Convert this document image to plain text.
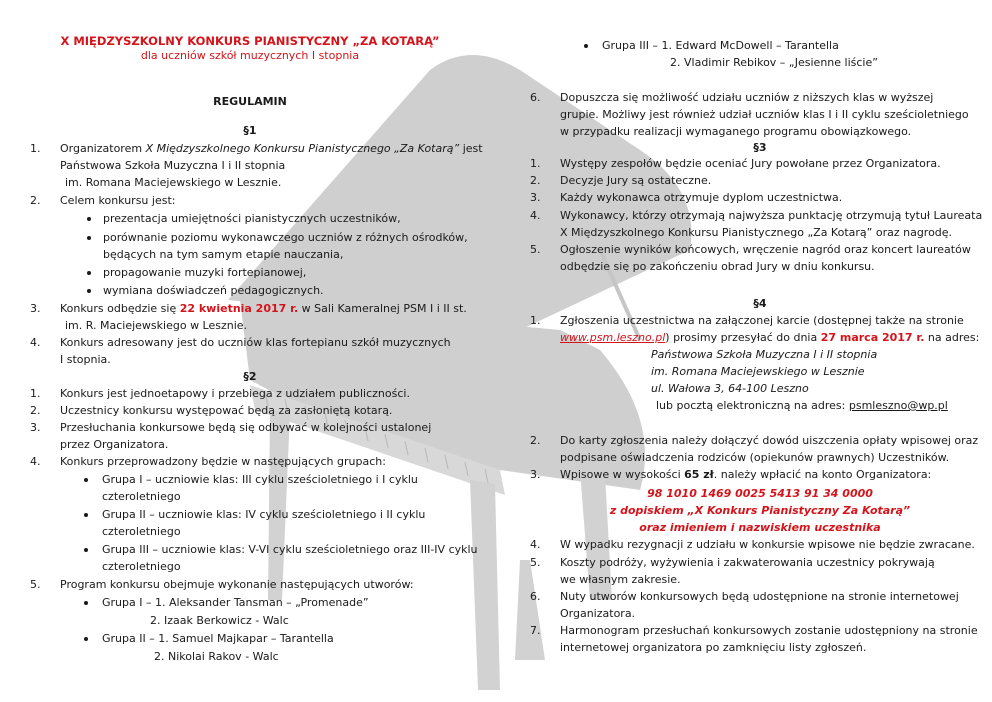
X MIĘDZYSZKOLNY KONKURS PIANISTYCZNY „ZA KOTARĄ”
dla uczniów szkół muzycznych I stopnia
REGULAMIN
§1
1. Organizatorem X Międzyszkolnego Konkursu Pianistycznego „Za Kotarą” jest
Państwowa Szkoła Muzyczna I i II stopnia
im. Romana Maciejewskiego w Lesznie.
2. Celem konkursu jest:
prezentacja umiejętności pianistycznych uczestników,
porównanie poziomu wykonawczego uczniów z różnych ośrodków,
będących na tym samym etapie nauczania,
propagowanie muzyki fortepianowej,
wymiana doświadczeń pedagogicznych.
3. Konkurs odbędzie się 22 kwietnia 2017 r. w Sali Kameralnej PSM I i II st.
im. R. Maciejewskiego w Lesznie.
4. Konkurs adresowany jest do uczniów klas fortepianu szkół muzycznych
I stopnia.
§2
1. Konkurs jest jednoetapowy i przebiega z udziałem publiczności.
2. Uczestnicy konkursu występować będą za zasłoniętą kotarą.
3. Przesłuchania konkursowe będą się odbywać w kolejności ustalonej
przez Organizatora.
4. Konkurs przeprowadzony będzie w następujących grupach:
Grupa I – uczniowie klas: III cyklu sześcioletniego i I cyklu
czteroletniego
Grupa II – uczniowie klas: IV cyklu sześcioletniego i II cyklu
czteroletniego
Grupa III – uczniowie klas: V-VI cyklu sześcioletniego oraz III-IV cyklu
czteroletniego
5. Program konkursu obejmuje wykonanie następujących utworów:
Grupa I – 1. Aleksander Tansman – „Promenade”
2. Izaak Berkowicz - Walc
Grupa II – 1. Samuel Majkapar – Tarantella
2. Nikolai Rakov - Walc
Grupa III – 1. Edward McDowell – Tarantella
2. Vladimir Rebikov – „Jesienne liście”
6. Dopuszcza się możliwość udziału uczniów z niższych klas w wyższej
grupie. Możliwy jest również udział uczniów klas I i II cyklu sześcioletniego
w przypadku realizacji wymaganego programu obowiązkowego.
§3
1. Występy zespołów będzie oceniać Jury powołane przez Organizatora.
2. Decyzje Jury są ostateczne.
3. Każdy wykonawca otrzymuje dyplom uczestnictwa.
4. Wykonawcy, którzy otrzymają najwyższa punktację otrzymują tytuł Laureata
X Międzyszkolnego Konkursu Pianistycznego „Za Kotarą” oraz nagrodę.
5. Ogłoszenie wyników końcowych, wręczenie nagród oraz koncert laureatów
odbędzie się po zakończeniu obrad Jury w dniu konkursu.
§4
1. Zgłoszenia uczestnictwa na załączonej karcie (dostępnej także na stronie
www.psm.leszno.pl) prosimy przesyłać do dnia 27 marca 2017 r. na adres:
Państwowa Szkoła Muzyczna I i II stopnia
im. Romana Maciejewskiego w Lesznie
ul. Wałowa 3, 64-100 Leszno
lub pocztą elektroniczną na adres: psmleszno@wp.pl
2. Do karty zgłoszenia należy dołączyć dowód uiszczenia opłaty wpisowej oraz
podpisane oświadczenia rodziców (opiekunów prawnych) Uczestników.
3. Wpisowe w wysokości 65 zł. należy wpłacić na konto Organizatora:
98 1010 1469 0025 5413 91 34 0000
z dopiskiem „X Konkurs Pianistyczny Za Kotarą”
oraz imieniem i nazwiskiem uczestnika
4. W wypadku rezygnacji z udziału w konkursie wpisowe nie będzie zwracane.
5. Koszty podróży, wyżywienia i zakwaterowania uczestnicy pokrywają
we własnym zakresie.
6. Nuty utworów konkursowych będą udostępnione na stronie internetowej
Organizatora.
7. Harmonogram przesłuchań konkursowych zostanie udostępniony na stronie
internetowej organizatora po zamknięciu listy zgłoszeń.
